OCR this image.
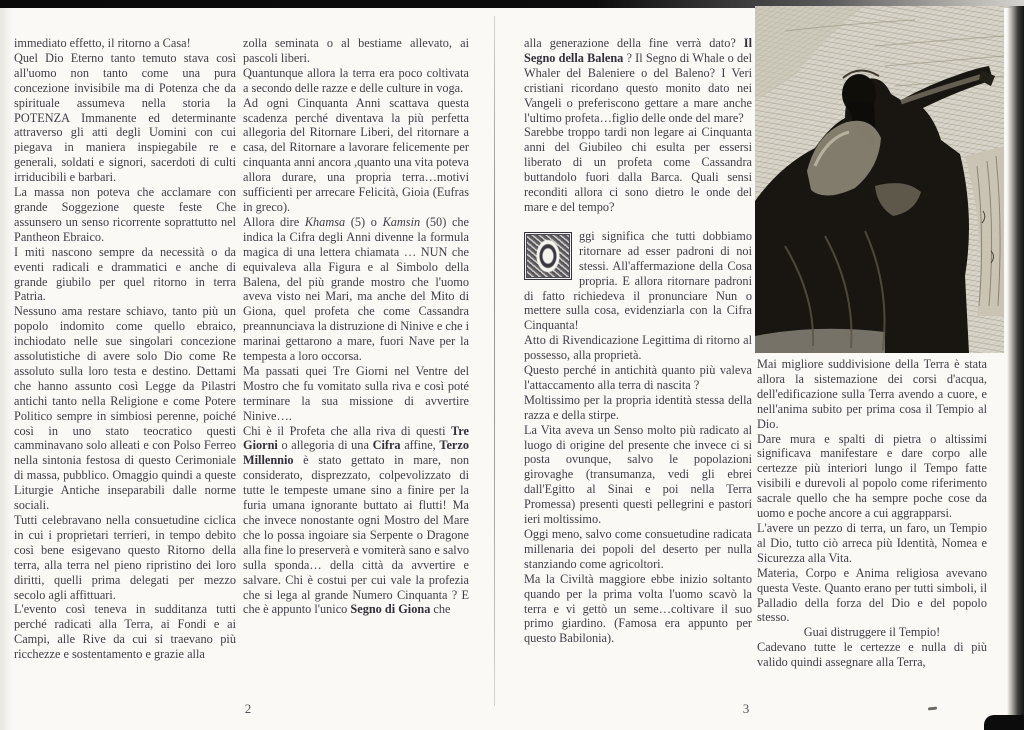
immediato effetto, il ritorno a Casa!

Quel Dio Eterno tanto temuto stava così all'uomo non tanto come una pura concezione invisibile ma di Potenza che da spirituale assumeva nella storia la POTENZA Immanente ed determinante attraverso gli atti degli Uomini con cui piegava in maniera inspiegabile re e generali, soldati e signori, sacerdoti di culti irriducibili e barbari.

La massa non poteva che acclamare con grande Soggezione queste feste Che assunsero un senso ricorrente soprattutto nel Pantheon Ebraico.

I miti nascono sempre da necessità o da eventi radicali e drammatici e anche di grande giubilo per quel ritorno in terra Patria.

Nessuno ama restare schiavo, tanto più un popolo indomito come quello ebraico, inchiodato nelle sue singolari concezione assolutistiche di avere solo Dio come Re assoluto sulla loro testa e destino. Dettami che hanno assunto così Legge da Pilastri antichi tanto nella Religione e come Potere Politico sempre in simbiosi perenne, poiché così in uno stato teocratico questi camminavano solo alleati e con Polso Ferreo nella sintonia festosa di questo Cerimoniale di massa, pubblico. Omaggio quindi a queste Liturgie Antiche inseparabili dalle norme sociali.

Tutti celebravano nella consuetudine ciclica in cui i proprietari terrieri, in tempo debito così bene esigevano questo Ritorno della terra, alla terra nel pieno ripristino dei loro diritti, quelli prima delegati per mezzo secolo agli affittuari.

L'evento così teneva in sudditanza tutti perché radicati alla Terra, ai Fondi e ai Campi, alle Rive da cui si traevano più ricchezze e sostentamento e grazie alla

zolla seminata o al bestiame allevato, ai pascoli liberi.

Quantunque allora la terra era poco coltivata a secondo delle razze e delle culture in voga.

Ad ogni Cinquanta Anni scattava questa scadenza perché diventava la più perfetta allegoria del Ritornare Liberi, del ritornare a casa, del Ritornare a lavorare felicemente per cinquanta anni ancora ,quanto una vita poteva allora durare, una propria terra…motivi sufficienti per arrecare Felicità, Gioia (Eufras in greco).

Allora dire Khamsa (5) o Kamsin (50) che indica la Cifra degli Anni divenne la formula magica di una lettera chiamata … NUN che equivaleva alla Figura e al Simbolo della Balena, del più grande mostro che l'uomo aveva visto nei Mari, ma anche del Mito di Giona, quel profeta che come Cassandra preannunciava la distruzione di Ninive e che i marinai gettarono a mare, fuori Nave per la tempesta a loro occorsa.

Ma passati quei Tre Giorni nel Ventre del Mostro che fu vomitato sulla riva e così poté terminare la sua missione di avvertire Ninive….

Chi è il Profeta che alla riva di questi Tre Giorni o allegoria di una Cifra affine, Terzo Millennio è stato gettato in mare, non considerato, disprezzato, colpevolizzato di tutte le tempeste umane sino a finire per la furia umana ignorante buttato ai flutti! Ma che invece nonostante ogni Mostro del Mare che lo possa ingoiare sia Serpente o Dragone alla fine lo preserverà e vomiterà sano e salvo sulla sponda… della città da avvertire e salvare. Chi è costui per cui vale la profezia che si lega al grande Numero Cinquanta ? E che è appunto l'unico Segno di Giona che

2

alla generazione della fine verrà dato? Il Segno della Balena ? Il Segno di Whale o del Whaler del Baleniere o del Baleno? I Veri cristiani ricordano questo monito dato nei Vangeli o preferiscono gettare a mare anche l'ultimo profeta…figlio delle onde del mare?

Sarebbe troppo tardi non legare ai Cinquanta anni del Giubileo chi esulta per essersi liberato di un profeta come Cassandra buttandolo fuori dalla Barca. Quali sensi reconditi allora ci sono dietro le onde del mare e del tempo?

ggi significa che tutti dobbiamo ritornare ad esser padroni di noi stessi. All'affermazione della Cosa propria. E allora ritornare padroni di fatto richiedeva il pronunciare Nun o mettere sulla cosa, evidenziarla con la Cifra Cinquanta!

Atto di Rivendicazione Legittima di ritorno al possesso, alla proprietà.

Questo perché in antichità quanto più valeva l'attaccamento alla terra di nascita ?

Moltissimo per la propria identità stessa della razza e della stirpe.

La Vita aveva un Senso molto più radicato al luogo di origine del presente che invece ci si posta ovunque, salvo le popolazioni girovaghe (transumanza, vedi gli ebrei dall'Egitto al Sinai e poi nella Terra Promessa) presenti questi pellegrini e pastori ieri moltissimo.

Oggi meno, salvo come consuetudine radicata millenaria dei popoli del deserto per nulla stanziando come agricoltori.

Ma la Civiltà maggiore ebbe inizio soltanto quando per la prima volta l'uomo scavò la terra e vi gettò un seme…coltivare il suo primo giardino. (Famosa era appunto per questo Babilonia).

Mai migliore suddivisione della Terra è stata allora la sistemazione dei corsi d'acqua, dell'edificazione sulla Terra avendo a cuore, e nell'anima subito per prima cosa il Tempio al Dio.

Dare mura e spalti di pietra o altissimi significava manifestare e dare corpo alle certezze più interiori lungo il Tempo fatte visibili e durevoli al popolo come riferimento sacrale quello che ha sempre poche cose da uomo e poche ancore a cui aggrapparsi.

L'avere un pezzo di terra, un faro, un Tempio al Dio, tutto ciò arreca più Identità, Nomea e Sicurezza alla Vita.

Materia, Corpo e Anima religiosa avevano questa Veste. Quanto erano per tutti simboli, il Palladio della forza del Dio e del popolo stesso.

Guai distruggere il Tempio!

Cadevano tutte le certezze e nulla di più valido quindi assegnare alla Terra,

3
